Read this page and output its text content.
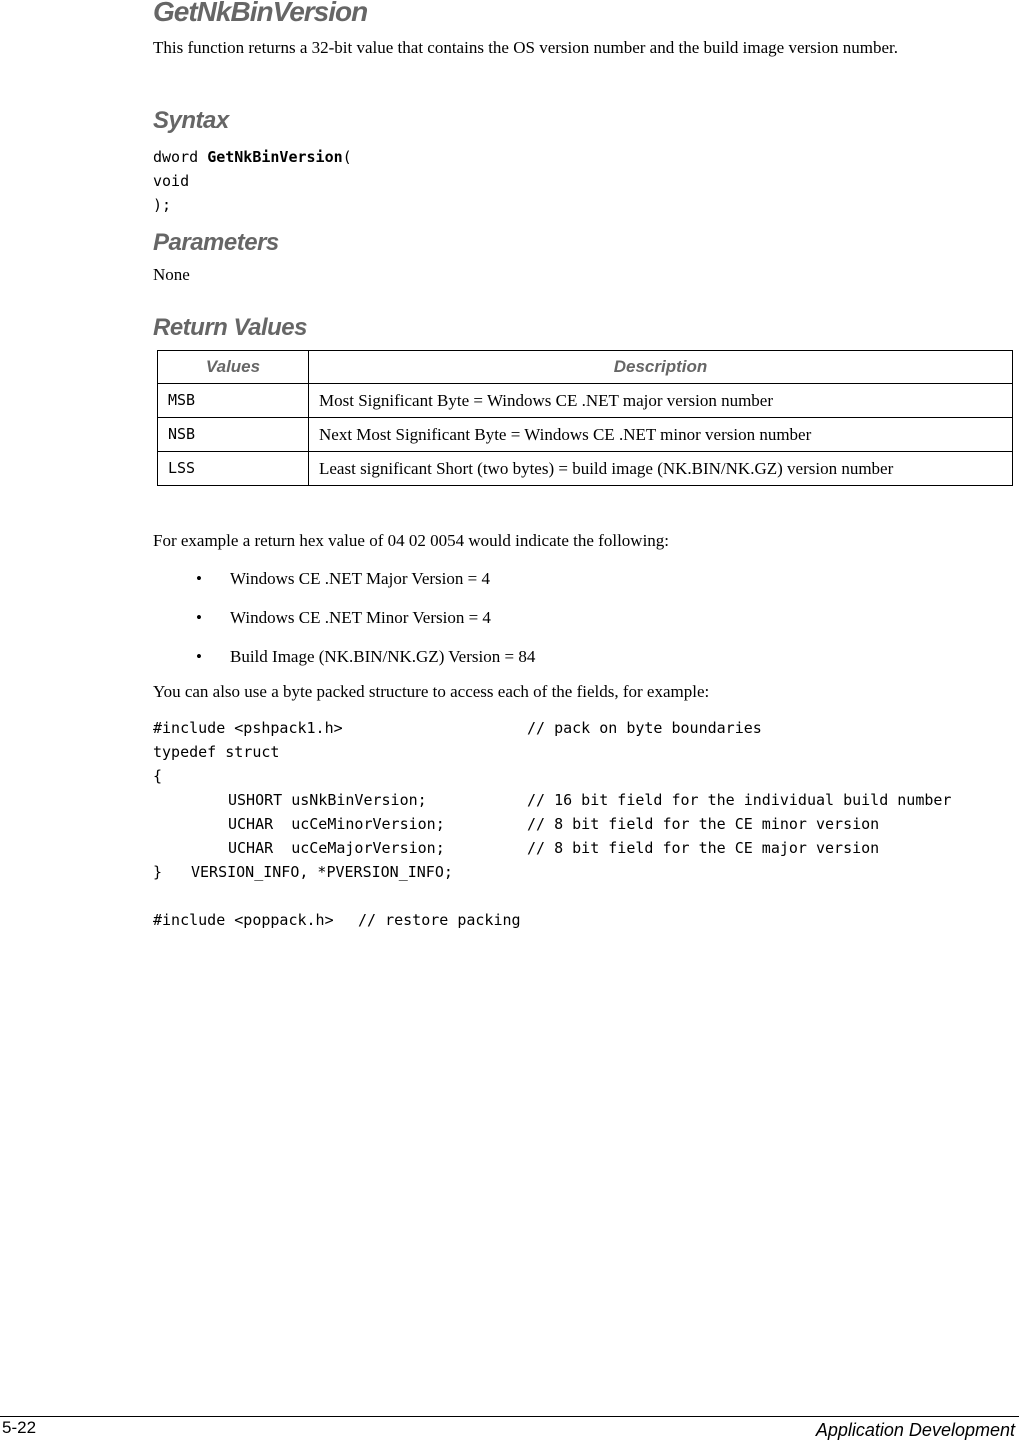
GetNkBinVersion

This function returns a 32-bit value that contains the OS version number and the build image version number.

Syntax
dword GetNkBinVersion(
void
);
Parameters

None

Return Values
Values	Description
MSB	Most Significant Byte = Windows CE .NET major version number
NSB	Next Most Significant Byte = Windows CE .NET minor version number
LSS	Least significant Short (two bytes) = build image (NK.BIN/NK.GZ) version number

For example a return hex value of 04 02 0054 would indicate the following:

• Windows CE .NET Major Version = 4

• Windows CE .NET Minor Version = 4

• Build Image (NK.BIN/NK.GZ) Version = 84

You can also use a byte packed structure to access each of the fields, for example:

#include <pshpack1.h>	// pack on byte boundaries
typedef struct
{
USHORT usNkBinVersion;	// 16 bit field for the individual build number
UCHAR  ucCeMinorVersion;	// 8 bit field for the CE minor version
UCHAR  ucCeMajorVersion;	// 8 bit field for the CE major version
} VERSION_INFO, *PVERSION_INFO;
#include <poppack.h> // restore packing

5-22	Application Development
